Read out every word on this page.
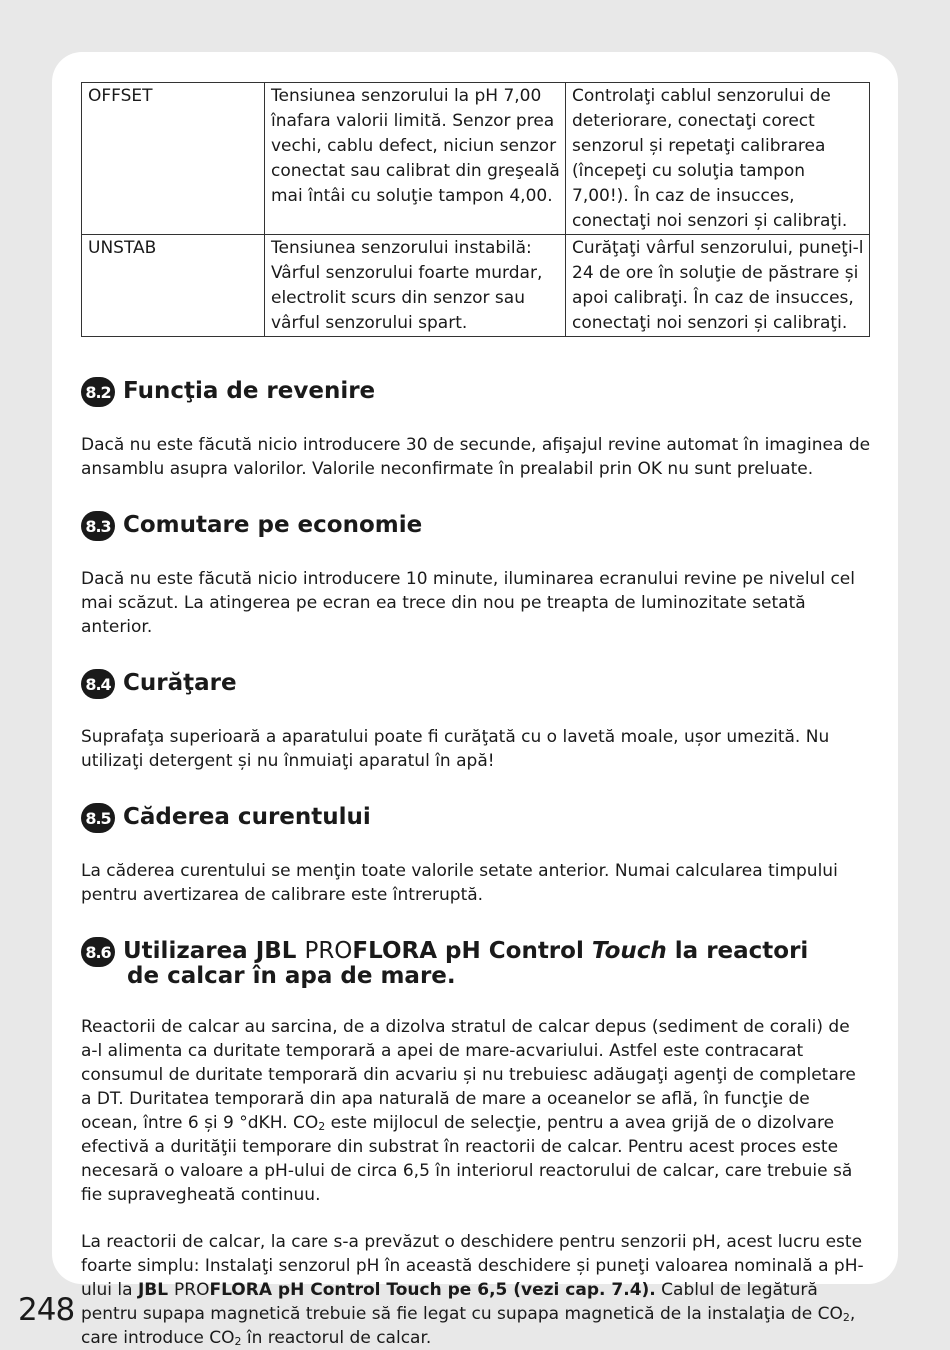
OFFSET	Tensiunea senzorului la pH 7,00 înafara valorii limită. Senzor prea vechi, cablu defect, niciun senzor conectat sau calibrat din greşeală mai întâi cu soluţie tampon 4,00.	Controlaţi cablul senzorului de deteriorare, conectaţi corect senzorul și repetaţi calibrarea (începeţi cu soluţia tampon 7,00!). În caz de insucces, conectaţi noi senzori și calibraţi.
UNSTAB	Tensiunea senzorului instabilă: Vârful senzorului foarte murdar, electrolit scurs din senzor sau vârful senzorului spart.	Curăţaţi vârful senzorului, puneţi-l 24 de ore în soluţie de păstrare și apoi calibraţi. În caz de insucces, conectaţi noi senzori și calibraţi.
8.2 Funcţia de revenire

Dacă nu este făcută nicio introducere 30 de secunde, afişajul revine automat în imaginea de ansamblu asupra valorilor. Valorile neconfirmate în prealabil prin OK nu sunt preluate.

8.3 Comutare pe economie

Dacă nu este făcută nicio introducere 10 minute, iluminarea ecranului revine pe nivelul cel mai scăzut. La atingerea pe ecran ea trece din nou pe treapta de luminozitate setată anterior.

8.4 Curăţare

Suprafaţa superioară a aparatului poate fi curăţată cu o lavetă moale, ușor umezită. Nu utilizaţi detergent și nu înmuiaţi aparatul în apă!

8.5 Căderea curentului

La căderea curentului se menţin toate valorile setate anterior. Numai calcularea timpului pentru avertizarea de calibrare este întreruptă.

8.6 Utilizarea JBL PROFLORA pH Control Touch la reactori
de calcar în apa de mare.

Reactorii de calcar au sarcina, de a dizolva stratul de calcar depus (sediment de corali) de a-l alimenta ca duritate temporară a apei de mare-acvariului. Astfel este contracarat consumul de duritate temporară din acvariu și nu trebuiesc adăugaţi agenţi de completare a DT. Duritatea temporară din apa naturală de mare a oceanelor se află, în funcţie de ocean, între 6 și 9 °dKH. $CO_2$ este mijlocul de selecţie, pentru a avea grijă de o dizolvare efectivă a durităţii temporare din substrat în reactorii de calcar. Pentru acest proces este necesară o valoare a pH-ului de circa 6,5 în interiorul reactorului de calcar, care trebuie să fie supravegheată continuu.

La reactorii de calcar, la care s-a prevăzut o deschidere pentru senzorii pH, acest lucru este foarte simplu: Instalaţi senzorul pH în această deschidere și puneţi valoarea nominală a pH-ului la JBL PROFLORA pH Control Touch pe 6,5 (vezi cap. 7.4). Cablul de legătură pentru supapa magnetică trebuie să fie legat cu supapa magnetică de la instalaţia de $CO_2$, care introduce $CO_2$ în reactorul de calcar.

248
